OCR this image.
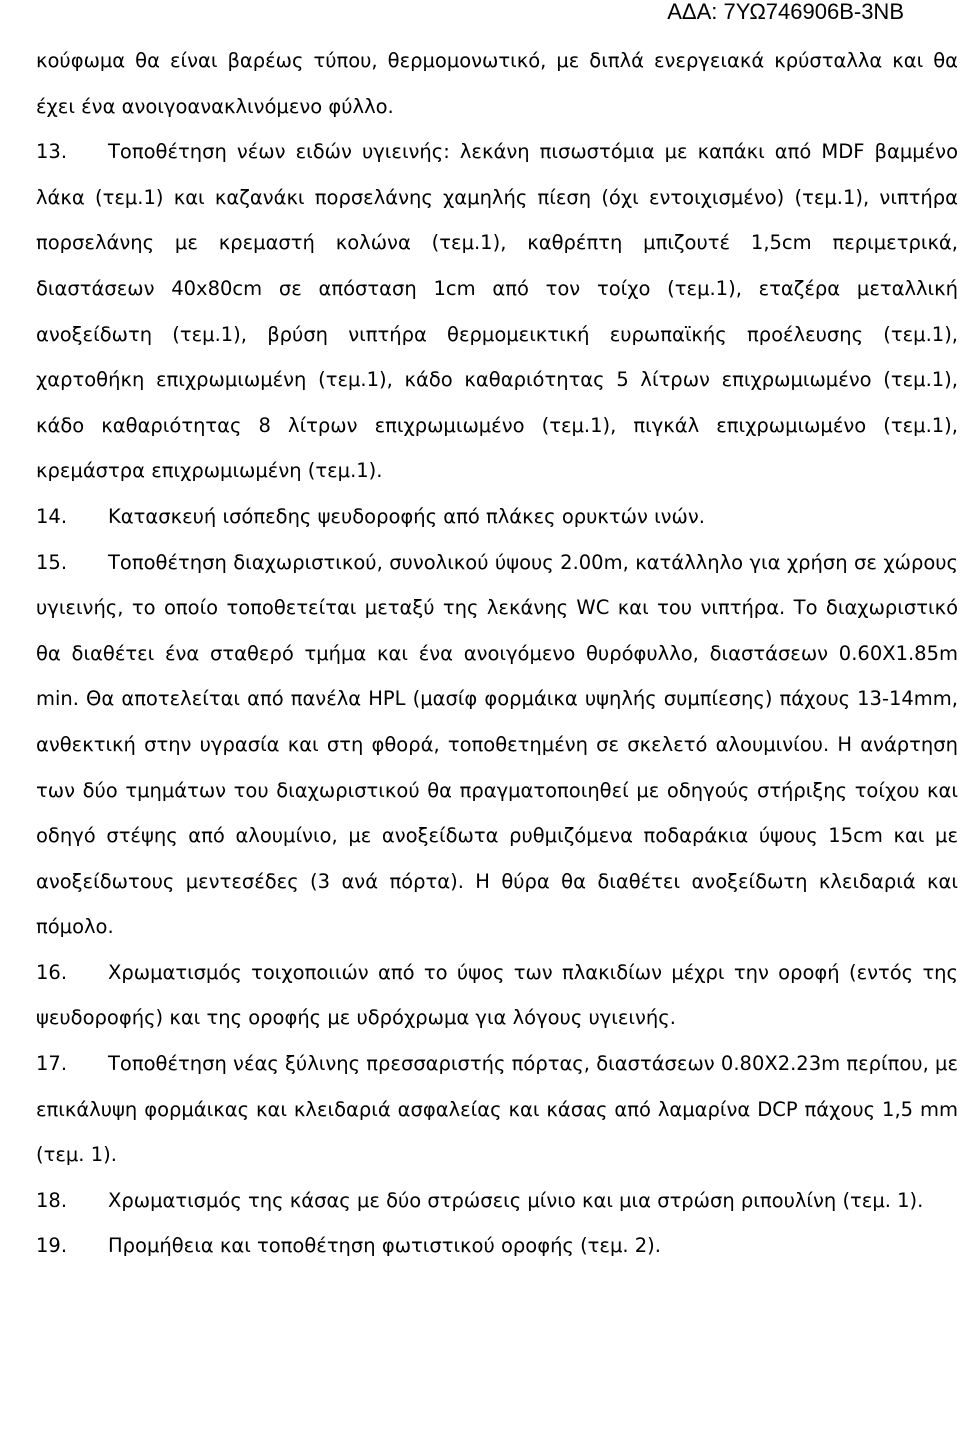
ΑΔΑ: 7ΥΩ746906Β-3ΝΒ

κούφωμα θα είναι βαρέως τύπου, θερμομονωτικό, με διπλά ενεργειακά κρύσταλλα και θα έχει ένα ανοιγοανακλινόμενο φύλλο.

13. Τοποθέτηση νέων ειδών υγιεινής: λεκάνη πισωστόμια με καπάκι από MDF βαμμένο λάκα (τεμ.1) και καζανάκι πορσελάνης χαμηλής πίεση (όχι εντοιχισμένο) (τεμ.1), νιπτήρα πορσελάνης με κρεμαστή κολώνα (τεμ.1), καθρέπτη μπιζουτέ 1,5cm περιμετρικά, διαστάσεων 40x80cm σε απόσταση 1cm από τον τοίχο (τεμ.1), εταζέρα μεταλλική ανοξείδωτη (τεμ.1), βρύση νιπτήρα θερμομεικτική ευρωπαϊκής προέλευσης (τεμ.1), χαρτοθήκη επιχρωμιωμένη (τεμ.1), κάδο καθαριότητας 5 λίτρων επιχρωμιωμένο (τεμ.1), κάδο καθαριότητας 8 λίτρων επιχρωμιωμένο (τεμ.1), πιγκάλ επιχρωμιωμένο (τεμ.1), κρεμάστρα επιχρωμιωμένη (τεμ.1).

14. Κατασκευή ισόπεδης ψευδοροφής από πλάκες ορυκτών ινών.

15. Τοποθέτηση διαχωριστικού, συνολικού ύψους 2.00m, κατάλληλο για χρήση σε χώρους υγιεινής, το οποίο τοποθετείται μεταξύ της λεκάνης WC και του νιπτήρα. Το διαχωριστικό θα διαθέτει ένα σταθερό τμήμα και ένα ανοιγόμενο θυρόφυλλο, διαστάσεων 0.60X1.85m min. Θα αποτελείται από πανέλα HPL (μασίφ φορμάικα υψηλής συμπίεσης) πάχους 13-14mm, ανθεκτική στην υγρασία και στη φθορά, τοποθετημένη σε σκελετό αλουμινίου. Η ανάρτηση των δύο τμημάτων του διαχωριστικού θα πραγματοποιηθεί με οδηγούς στήριξης τοίχου και οδηγό στέψης από αλουμίνιο, με ανοξείδωτα ρυθμιζόμενα ποδαράκια ύψους 15cm και με ανοξείδωτους μεντεσέδες (3 ανά πόρτα). Η θύρα θα διαθέτει ανοξείδωτη κλειδαριά και πόμολο.

16. Χρωματισμός τοιχοποιιών από το ύψος των πλακιδίων μέχρι την οροφή (εντός της ψευδοροφής) και της οροφής με υδρόχρωμα για λόγους υγιεινής.

17. Τοποθέτηση νέας ξύλινης πρεσσαριστής πόρτας, διαστάσεων 0.80X2.23m περίπου, με επικάλυψη φορμάικας και κλειδαριά ασφαλείας και κάσας από λαμαρίνα DCP πάχους 1,5 mm (τεμ. 1).

18. Χρωματισμός της κάσας με δύο στρώσεις μίνιο και μια στρώση ριπουλίνη (τεμ. 1).

19. Προμήθεια και τοποθέτηση φωτιστικού οροφής (τεμ. 2).
